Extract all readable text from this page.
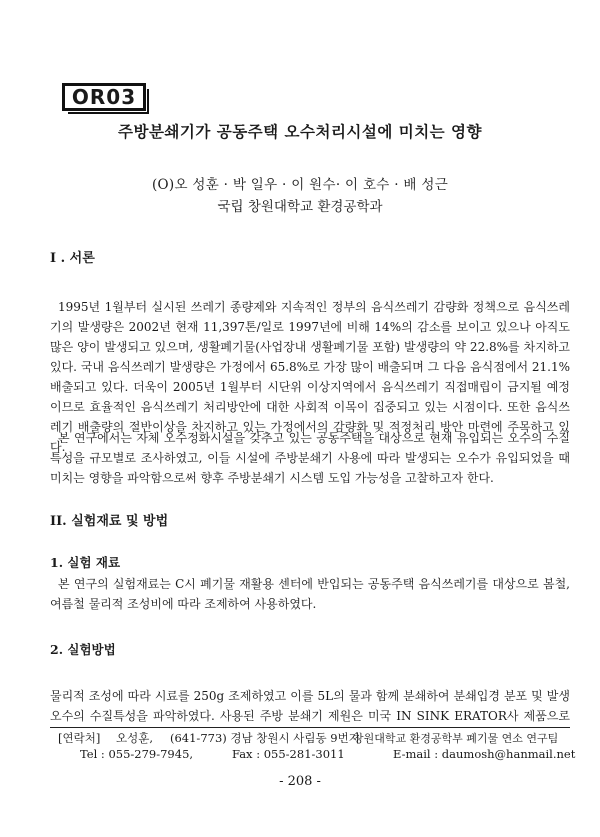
OR03
주방분쇄기가 공동주택 오수처리시설에 미치는 영향
(O)오 성훈 · 박 일우 · 이 원수· 이 호수 · 배 성근
국립 창원대학교 환경공학과
I . 서론
1995년 1월부터 실시된 쓰레기 종량제와 지속적인 정부의 음식쓰레기 감량화 정책으로 음식쓰레기의 발생량은 2002년 현재 11,397톤/일로 1997년에 비해 14%의 감소를 보이고 있으나 아직도 많은 양이 발생되고 있으며, 생활폐기물(사업장내 생활폐기물 포함) 발생량의 약 22.8%를 차지하고 있다. 국내 음식쓰레기 발생량은 가정에서 65.8%로 가장 많이 배출되며 그 다음 음식점에서 21.1% 배출되고 있다. 더욱이 2005년 1월부터 시단위 이상지역에서 음식쓰레기 직접매립이 금지될 예정이므로 효율적인 음식쓰레기 처리방안에 대한 사회적 이목이 집중되고 있는 시점이다. 또한 음식쓰레기 배출량의 절반이상을 차지하고 있는 가정에서의 감량화 및 적정처리 방안 마련에 주목하고 있다.
본 연구에서는 자체 오수정화시설을 갖추고 있는 공동주택을 대상으로 현재 유입되는 오수의 수질특성을 규모별로 조사하였고, 이들 시설에 주방분쇄기 사용에 따라 발생되는 오수가 유입되었을 때 미치는 영향을 파악함으로써 향후 주방분쇄기 시스템 도입 가능성을 고찰하고자 한다.
II. 실험재료 및 방법
1. 실험 재료
본 연구의 실험재료는 C시 폐기물 재활용 센터에 반입되는 공동주택 음식쓰레기를 대상으로 봄철, 여름철 물리적 조성비에 따라 조제하여 사용하였다.
2. 실험방법
물리적 조성에 따라 시료를 250g 조제하였고 이를 5L의 물과 함께 분쇄하여 분쇄입경 분포 및 발생오수의 수질특성을 파악하였다. 사용된 주방 분쇄기 제원은 미국 IN SINK ERATOR사 제품으로
[연락처] 오성훈, (641-773) 경남 창원시 사림동 9번지
창원대학교 환경공학부 폐기물 연소 연구팀
Tel : 055-279-7945,	Fax : 055-281-3011	E-mail : daumosh@hanmail.net
- 208 -
